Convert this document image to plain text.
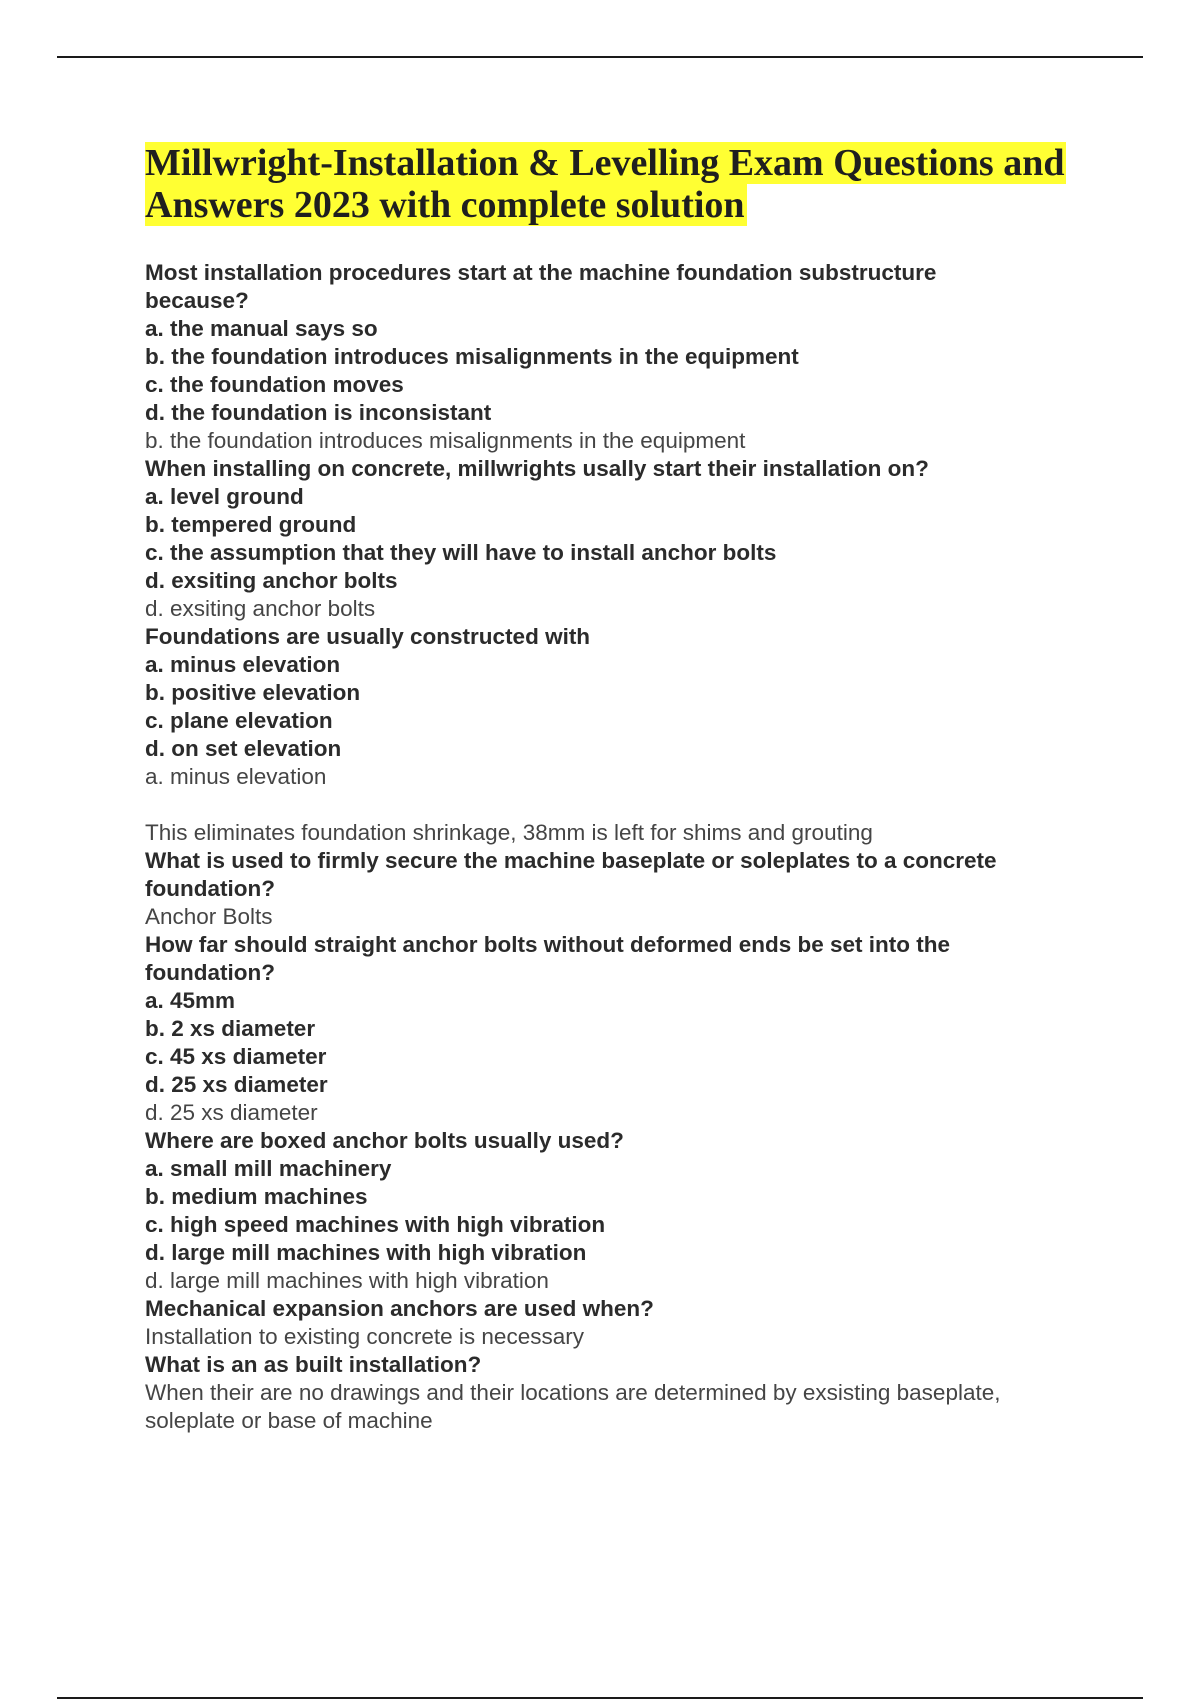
Millwright-Installation & Levelling Exam Questions and
Answers 2023 with complete solution
Most installation procedures start at the machine foundation substructure
because?
a. the manual says so
b. the foundation introduces misalignments in the equipment
c. the foundation moves
d. the foundation is inconsistant
b. the foundation introduces misalignments in the equipment
When installing on concrete, millwrights usally start their installation on?
a. level ground
b. tempered ground
c. the assumption that they will have to install anchor bolts
d. exsiting anchor bolts
d. exsiting anchor bolts
Foundations are usually constructed with
a. minus elevation
b. positive elevation
c. plane elevation
d. on set elevation
a. minus elevation
This eliminates foundation shrinkage, 38mm is left for shims and grouting
What is used to firmly secure the machine baseplate or soleplates to a concrete
foundation?
Anchor Bolts
How far should straight anchor bolts without deformed ends be set into the
foundation?
a. 45mm
b. 2 xs diameter
c. 45 xs diameter
d. 25 xs diameter
d. 25 xs diameter
Where are boxed anchor bolts usually used?
a. small mill machinery
b. medium machines
c. high speed machines with high vibration
d. large mill machines with high vibration
d. large mill machines with high vibration
Mechanical expansion anchors are used when?
Installation to existing concrete is necessary
What is an as built installation?
When their are no drawings and their locations are determined by exsisting baseplate,
soleplate or base of machine
